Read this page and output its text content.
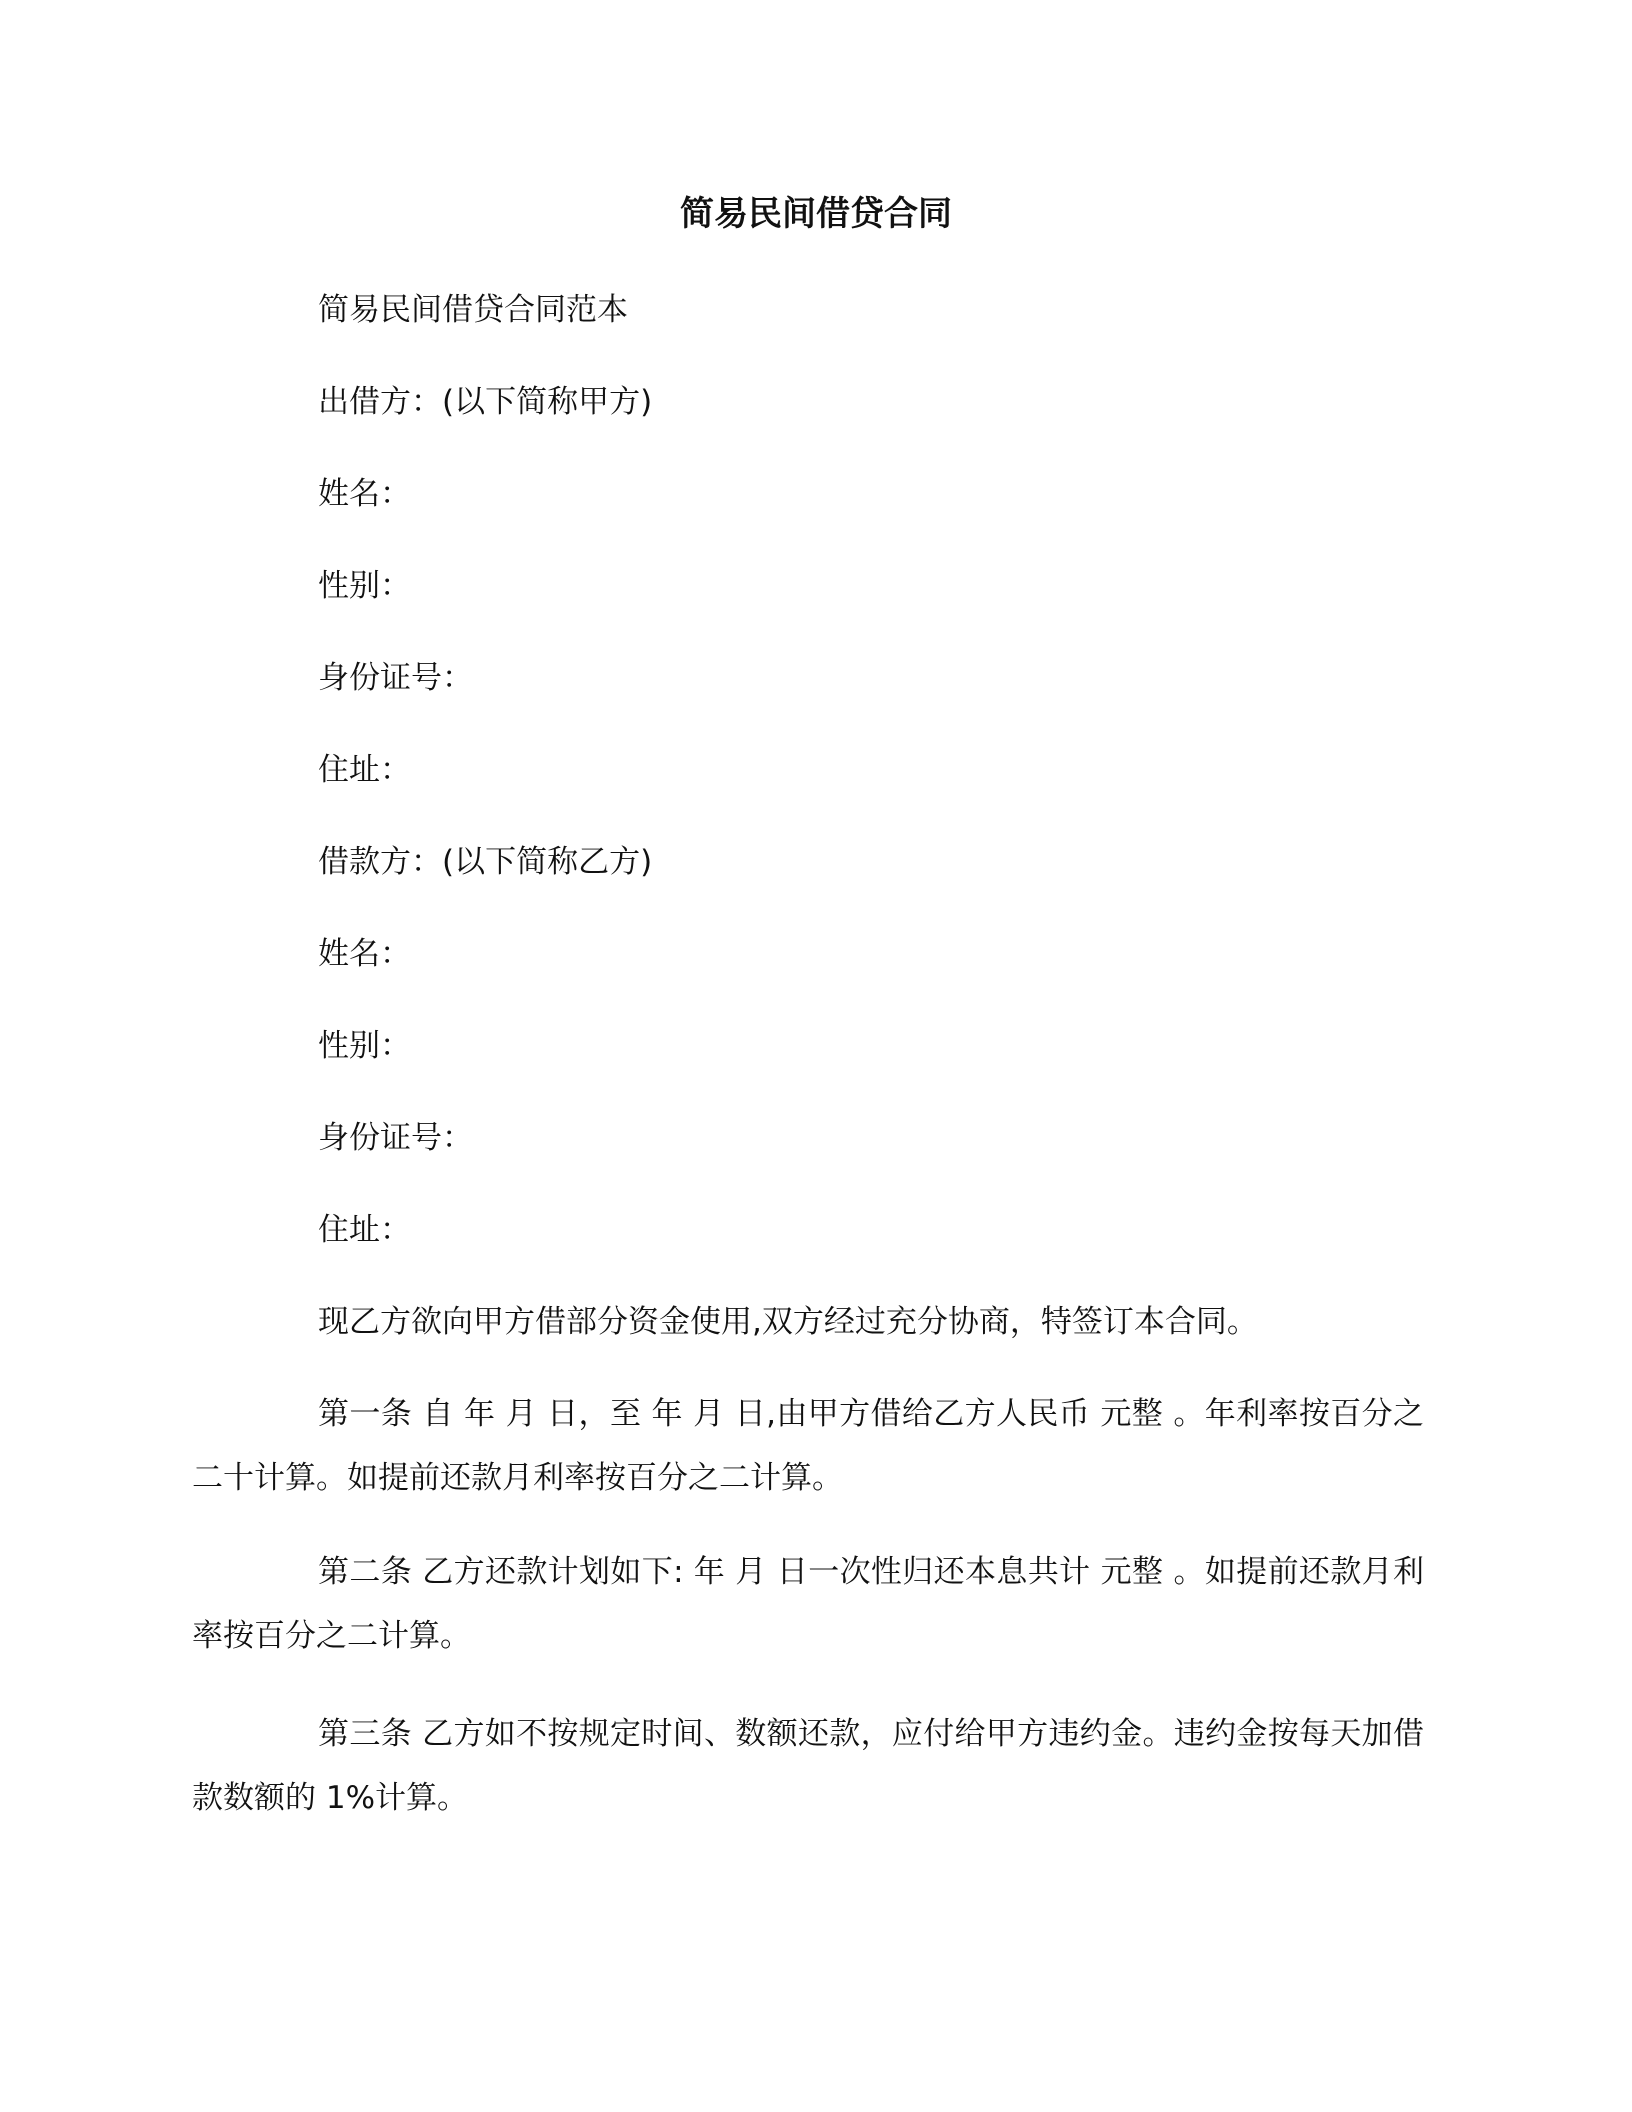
简易民间借贷合同
简易民间借贷合同范本
出借方：(以下简称甲方)
姓名：
性别：
身份证号：
住址：
借款方：(以下简称乙方)
姓名：
性别：
身份证号：
住址：
现乙方欲向甲方借部分资金使用,双方经过充分协商，特签订本合同。
第一条 自 年 月 日，至 年 月 日,由甲方借给乙方人民币 元整 。年利率按百分之二十计算。如提前还款月利率按百分之二计算。
第二条 乙方还款计划如下: 年 月 日一次性归还本息共计 元整 。如提前还款月利率按百分之二计算。
第三条 乙方如不按规定时间、数额还款，应付给甲方违约金。违约金按每天加借款数额的 1%计算。
